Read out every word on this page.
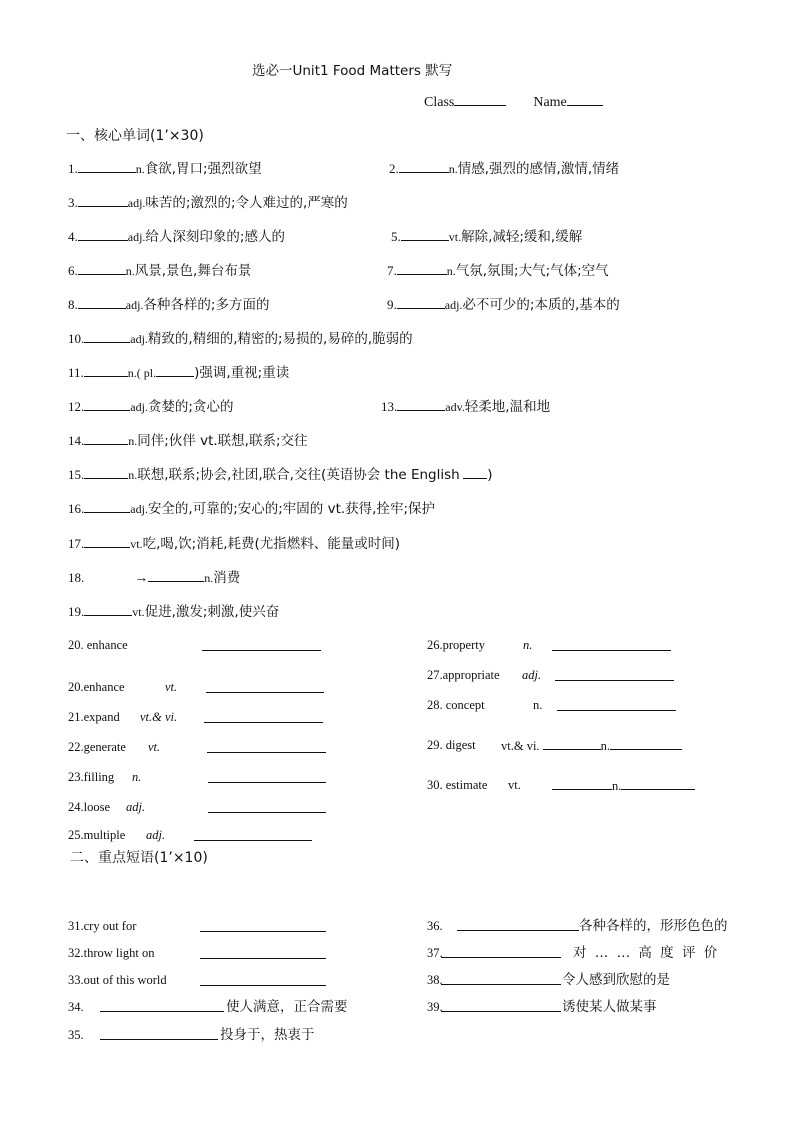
选必一Unit1 Food Matters 默写
Class	Name
一、核心单词(1’×30)
1.	n.食欲,胃口;强烈欲望	2.	n.情感,强烈的感情,激情,情绪
3.	adj.味苦的;激烈的;令人难过的,严寒的
4.	adj.给人深刻印象的;感人的	5.	vt.解除,减轻;缓和,缓解
6.	n.风景,景色,舞台布景	7.	n.气氛,氛围;大气;气体;空气
8.	adj.各种各样的;多方面的	9.	adj.必不可少的;本质的,基本的
10.	adj.精致的,精细的,精密的;易损的,易碎的,脆弱的
11.	n.( pl.	)强调,重视;重读
12.	adj.贪婪的;贪心的	13.	adv.轻柔地,温和地
14.	n.同伴;伙伴 vt.联想,联系;交往
15.	n.联想,联系;协会,社团,联合,交往(英语协会 the English )
16.	adj.安全的,可靠的;安心的;牢固的 vt.获得,拴牢;保护
17.	vt.吃,喝,饮;消耗,耗费(尤指燃料、能量或时间)
18.	→	n.消费
19.	vt.促进,激发;刺激,使兴奋
20. enhance
20.enhance	vt.
21.expand vt.& vi.
22.generate vt.
23.filling n.
24.loose adj.
25.multiple adj.
26.property	n.
27.appropriate adj.
28. concept	n.
29. digest vt.& vi.	n.
30. estimate vt.	n.
二、重点短语(1’×10)
31.cry out for
32.throw light on
33.out of this world
34.	使人满意，正合需要
35.	投身于，热衷于
36.	各种各样的，形形色色的
37.	对 … … 高 度 评 价
38.	令人感到欣慰的是
39.	诱使某人做某事
